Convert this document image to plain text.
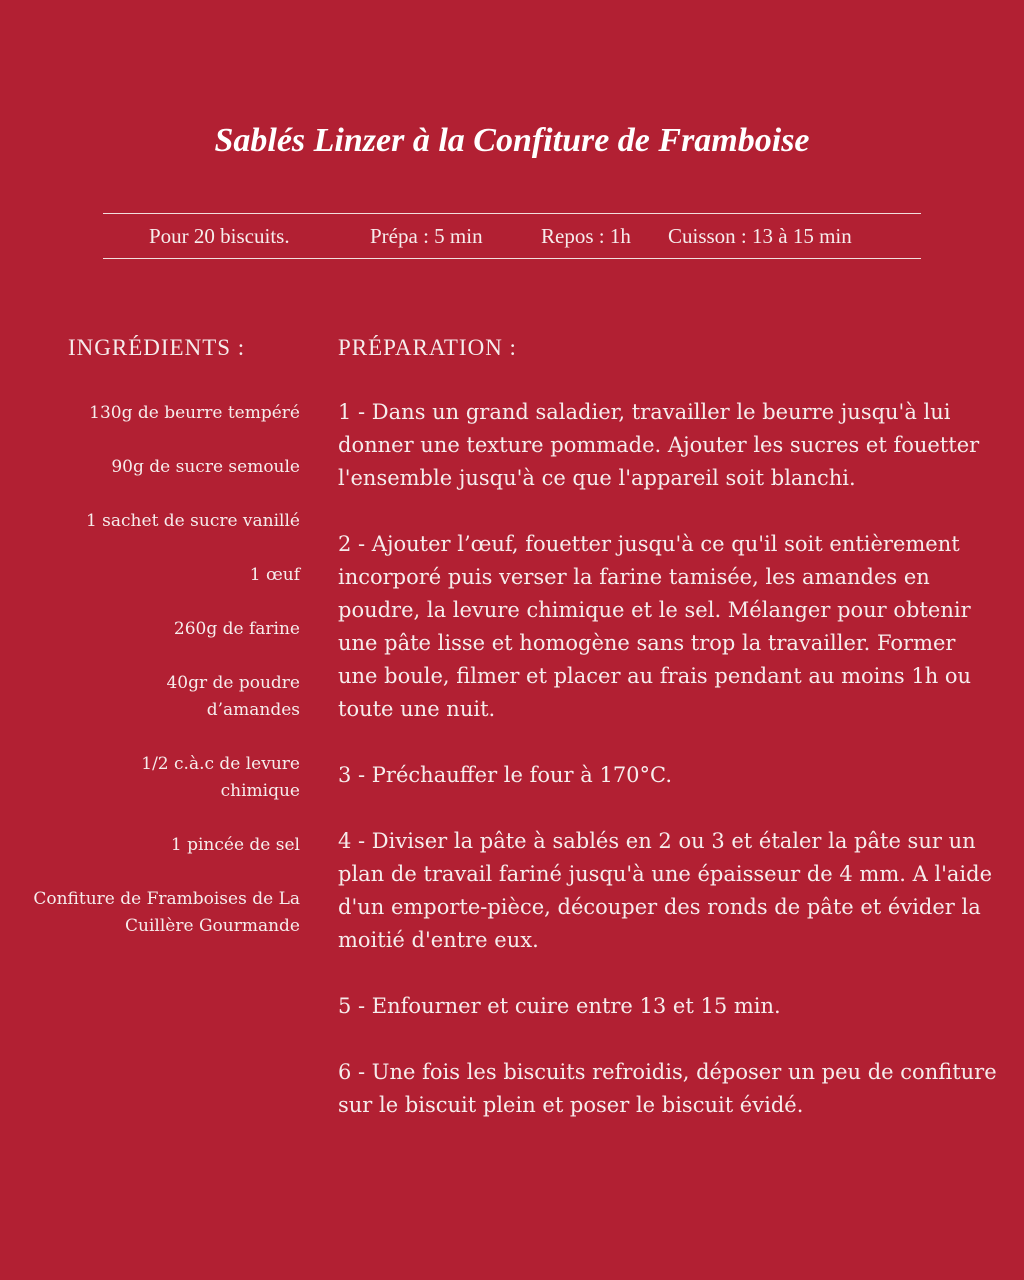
Sablés Linzer à la Confiture de Framboise
Pour 20 biscuits.	Prépa : 5 min	Repos : 1h Cuisson : 13 à 15 min
INGRÉDIENTS :	PRÉPARATION :
130g de beurre tempéré
90g de sucre semoule
1 sachet de sucre vanillé
1 œuf
260g de farine
40gr de poudre d’amandes
1/2 c.à.c de levure chimique
1 pincée de sel
Confiture de Framboises de La Cuillère Gourmande
1 - Dans un grand saladier, travailler le beurre jusqu'à lui donner une texture pommade. Ajouter les sucres et fouetter l'ensemble jusqu'à ce que l'appareil soit blanchi.
2 - Ajouter l’œuf, fouetter jusqu'à ce qu'il soit entièrement incorporé puis verser la farine tamisée, les amandes en poudre, la levure chimique et le sel. Mélanger pour obtenir une pâte lisse et homogène sans trop la travailler. Former une boule, filmer et placer au frais pendant au moins 1h ou toute une nuit.
3 - Préchauffer le four à 170°C.
4 - Diviser la pâte à sablés en 2 ou 3 et étaler la pâte sur un plan de travail fariné jusqu'à une épaisseur de 4 mm. A l'aide d'un emporte-pièce, découper des ronds de pâte et évider la moitié d'entre eux.
5 - Enfourner et cuire entre 13 et 15 min.
6 - Une fois les biscuits refroidis, déposer un peu de confiture sur le biscuit plein et poser le biscuit évidé.
